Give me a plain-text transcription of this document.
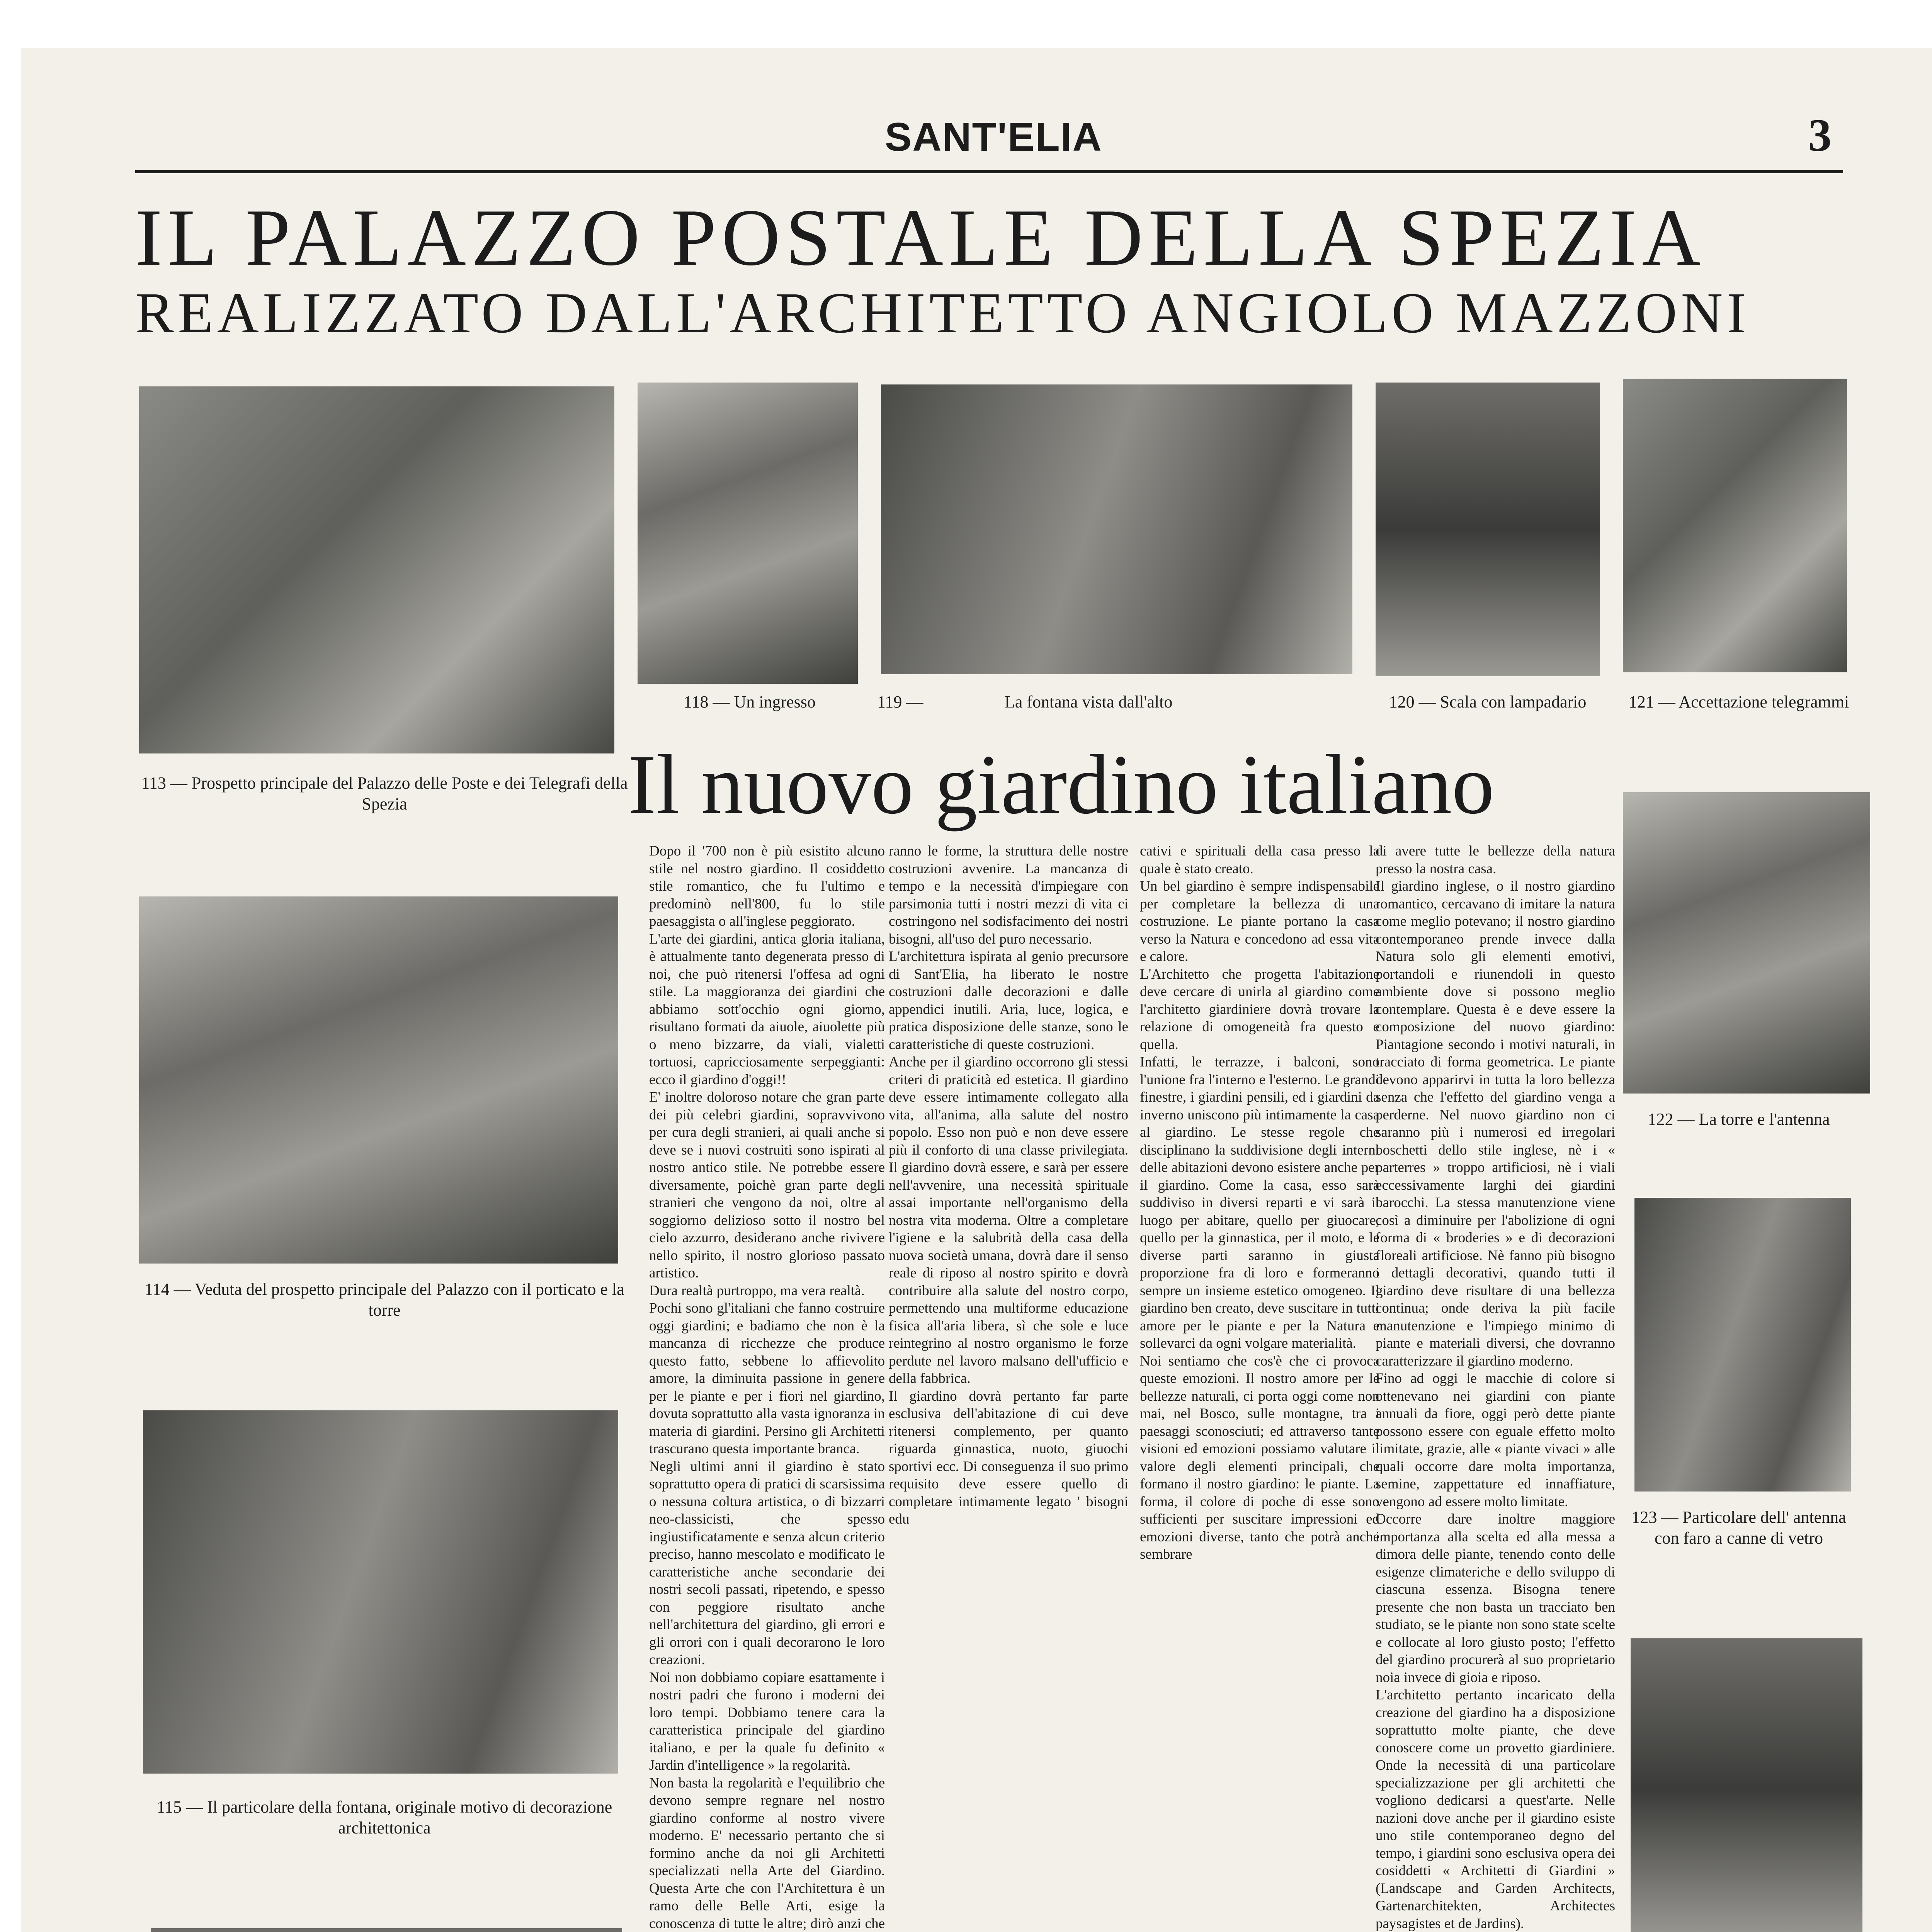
SANT'ELIA	3
IL PALAZZO POSTALE DELLA SPEZIA
REALIZZATO DALL'ARCHITETTO ANGIOLO MAZZONI
113 — Prospetto principale del Palazzo delle Poste e dei Telegrafi della Spezia
114 — Veduta del prospetto principale del Palazzo con il porticato e la torre
115 — Il particolare della fontana, originale motivo di decorazione architettonica
118 — Un ingresso	119 —	La fontana vista dall'alto	120 — Scala con lampadario	121 — Accettazione telegrammi
122 — La torre e l'antenna
123 — Particolare dell' antenna con faro a canne di vetro
Il nuovo giardino italiano
Dopo il '700 non è più esistito alcuno stile nel nostro giardino. Il cosiddetto stile romantico, che fu l'ultimo e predominò nell'800, fu lo stile paesaggista o all'inglese peggiorato.
L'arte dei giardini, antica gloria italiana, è attualmente tanto degenerata presso di noi, che può ritenersi l'offesa ad ogni stile. La maggioranza dei giardini che abbiamo sott'occhio ogni giorno, risultano formati da aiuole, aiuolette più o meno bizzarre, da viali, vialetti tortuosi, capricciosamente serpeggianti: ecco il giardino d'oggi!!
E' inoltre doloroso notare che gran parte dei più celebri giardini, sopravvivono per cura degli stranieri, ai quali anche si deve se i nuovi costruiti sono ispirati al nostro antico stile. Ne potrebbe essere diversamente, poichè gran parte degli stranieri che vengono da noi, oltre al soggiorno delizioso sotto il nostro bel cielo azzurro, desiderano anche rivivere nello spirito, il nostro glorioso passato artistico.
Dura realtà purtroppo, ma vera realtà.
Pochi sono gl'italiani che fanno costruire oggi giardini; e badiamo che non è la mancanza di ricchezze che produce questo fatto, sebbene lo affievolito amore, la diminuita passione in genere per le piante e per i fiori nel giardino, dovuta soprattutto alla vasta ignoranza in materia di giardini. Persino gli Architetti trascurano questa importante branca.
Negli ultimi anni il giardino è stato soprattutto opera di pratici di scarsissima o nessuna coltura artistica, o di bizzarri neo-classicisti, che spesso ingiustificatamente e senza alcun criterio preciso, hanno mescolato e modificato le caratteristiche anche secondarie dei nostri secoli passati, ripetendo, e spesso con peggiore risultato anche nell'architettura del giardino, gli errori e gli orrori con i quali decorarono le loro creazioni.
Noi non dobbiamo copiare esattamente i nostri padri che furono i moderni dei loro tempi. Dobbiamo tenere cara la caratteristica principale del giardino italiano, e per la quale fu definito « Jardin d'intelligence » la regolarità.
Non basta la regolarità e l'equilibrio che devono sempre regnare nel nostro giardino conforme al nostro vivere moderno. E' necessario pertanto che si formino anche da noi gli Architetti specializzati nella Arte del Giardino. Questa Arte che con l'Architettura è un ramo delle Belle Arti, esige la conoscenza di tutte le altre; dirò anzi che

ranno le forme, la struttura delle nostre costruzioni avvenire. La mancanza di tempo e la necessità d'impiegare con parsimonia tutti i nostri mezzi di vita ci costringono nel sodisfacimento dei nostri bisogni, all'uso del puro necessario.
L'architettura ispirata al genio precursore di Sant'Elia, ha liberato le nostre costruzioni dalle decorazioni e dalle appendici inutili. Aria, luce, logica, e pratica disposizione delle stanze, sono le caratteristiche di queste costruzioni.
Anche per il giardino occorrono gli stessi criteri di praticità ed estetica. Il giardino deve essere intimamente collegato alla vita, all'anima, alla salute del nostro popolo. Esso non può e non deve essere più il conforto di una classe privilegiata. Il giardino dovrà essere, e sarà per essere nell'avvenire, una necessità spirituale assai importante nell'organismo della nostra vita moderna. Oltre a completare l'igiene e la salubrità della casa della nuova società umana, dovrà dare il senso reale di riposo al nostro spirito e dovrà contribuire alla salute del nostro corpo, permettendo una multiforme educazione fisica all'aria libera, sì che sole e luce reintegrino al nostro organismo le forze perdute nel lavoro malsano dell'ufficio e della fabbrica.
Il giardino dovrà pertanto far parte esclusiva dell'abitazione di cui deve ritenersi complemento, per quanto riguarda ginnastica, nuoto, giuochi sportivi ecc. Di conseguenza il suo primo requisito deve essere quello di completare intimamente legato ' bisogni edu
cativi e spirituali della casa presso la quale è stato creato.
Un bel giardino è sempre indispensabile per completare la bellezza di una costruzione. Le piante portano la casa verso la Natura e concedono ad essa vita e calore.
L'Architetto che progetta l'abitazione deve cercare di unirla al giardino come l'architetto giardiniere dovrà trovare la relazione di omogeneità fra questo e quella.
Infatti, le terrazze, i balconi, sono l'unione fra l'interno e l'esterno. Le grandi finestre, i giardini pensili, ed i giardini da inverno uniscono più intimamente la casa al giardino. Le stesse regole che disciplinano la suddivisione degli interni delle abitazioni devono esistere anche per il giardino. Come la casa, esso sarà suddiviso in diversi reparti e vi sarà il luogo per abitare, quello per giuocare, quello per la ginnastica, per il moto, e le diverse parti saranno in giusta proporzione fra di loro e formeranno sempre un insieme estetico omogeneo. Il giardino ben creato, deve suscitare in tutti amore per le piante e per la Natura e sollevarci da ogni volgare materialità.
Noi sentiamo che cos'è che ci provoca queste emozioni. Il nostro amore per le bellezze naturali, ci porta oggi come non mai, nel Bosco, sulle montagne, tra i paesaggi sconosciuti; ed attraverso tante visioni ed emozioni possiamo valutare il valore degli elementi principali, che formano il nostro giardino: le piante. La forma, il colore di poche di esse sono sufficienti per suscitare impressioni ed emozioni diverse, tanto che potrà anche sembrare
di avere tutte le bellezze della natura presso la nostra casa.
Il giardino inglese, o il nostro giardino romantico, cercavano di imitare la natura come meglio potevano; il nostro giardino contemporaneo prende invece dalla Natura solo gli elementi emotivi, portandoli e riunendoli in questo ambiente dove si possono meglio contemplare. Questa è e deve essere la composizione del nuovo giardino: Piantagione secondo i motivi naturali, in tracciato di forma geometrica. Le piante devono apparirvi in tutta la loro bellezza senza che l'effetto del giardino venga a perderne. Nel nuovo giardino non ci saranno più i numerosi ed irregolari boschetti dello stile inglese, nè i « parterres » troppo artificiosi, nè i viali eccessivamente larghi dei giardini barocchi. La stessa manutenzione viene così a diminuire per l'abolizione di ogni forma di « broderies » e di decorazioni floreali artificiose. Nè fanno più bisogno i dettagli decorativi, quando tutti il giardino deve risultare di una bellezza continua; onde deriva la più facile manutenzione e l'impiego minimo di piante e materiali diversi, che dovranno caratterizzare il giardino moderno.
Fino ad oggi le macchie di colore si ottenevano nei giardini con piante annuali da fiore, oggi però dette piante possono essere con eguale effetto molto limitate, grazie, alle « piante vivaci » alle quali occorre dare molta importanza, semine, zappettature ed innaffiature, vengono ad essere molto limitate.
Occorre dare inoltre maggiore importanza alla scelta ed alla messa a dimora delle piante, tenendo conto delle esigenze climateriche e dello sviluppo di ciascuna essenza. Bisogna tenere presente che non basta un tracciato ben studiato, se le piante non sono state scelte e collocate al loro giusto posto; l'effetto del giardino procurerà al suo proprietario noia invece di gioia e riposo.
L'architetto pertanto incaricato della creazione del giardino ha a disposizione soprattutto molte piante, che deve conoscere come un provetto giardiniere. Onde la necessità di una particolare specializzazione per gli architetti che vogliono dedicarsi a quest'arte. Nelle nazioni dove anche per il giardino esiste uno stile contemporaneo degno del tempo, i giardini sono esclusiva opera dei cosiddetti « Architetti di Giardini » (Landscape and Garden Architects, Gartenarchitekten, Architectes paysagistes et de Jardins).
